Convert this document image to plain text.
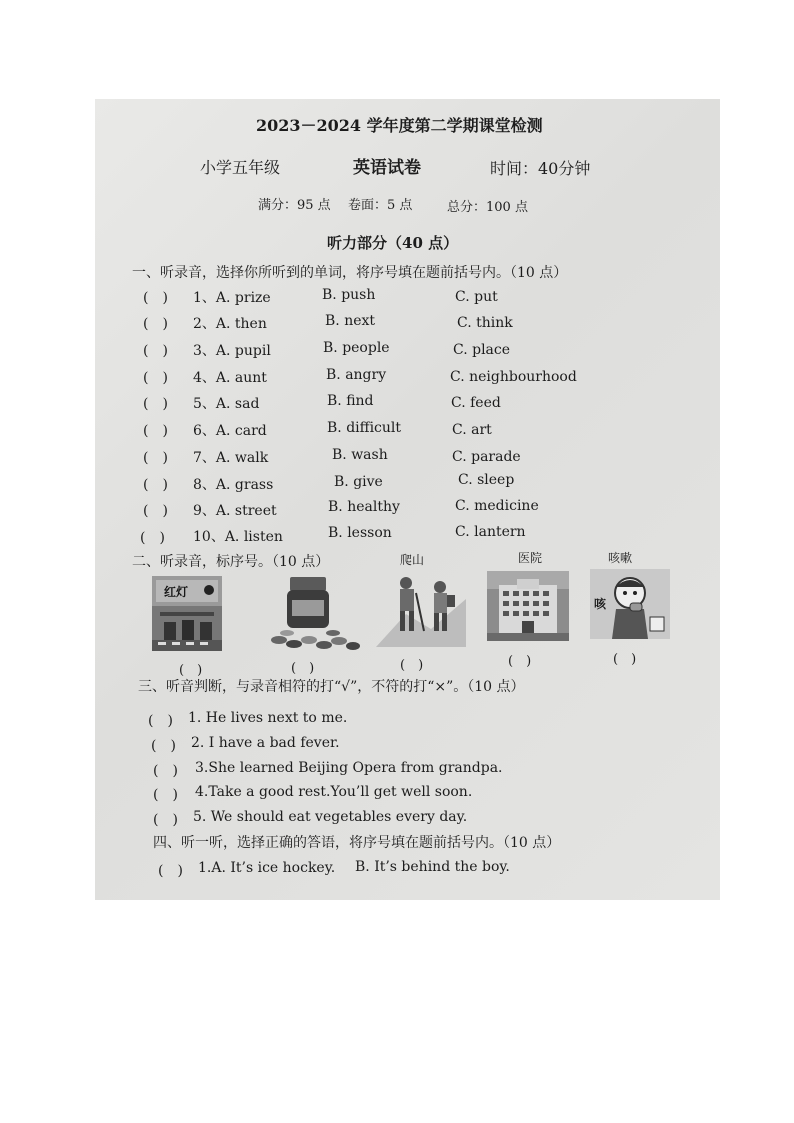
2023－2024 学年度第二学期课堂检测
小学五年级	英语试卷	时间：40分钟
满分：95 点 卷面：5 点	总分：100 点
听力部分（40 点）
一、听录音，选择你所听到的单词，将序号填在题前括号内。（10 点）
(　) 1、A. prize	B. push	C. put
(　) 2、A. then	B. next	C. think
(　) 3、A. pupil	B. people	C. place
(　) 4、A. aunt	B. angry	C. neighbourhood
(　) 5、A. sad	B. find	C. feed
(　) 6、A. card	B. difficult	C. art
(　) 7、A. walk	B. wash	C. parade
(　) 8、A. grass	B. give	C. sleep
(　) 9、A. street	B. healthy	C. medicine
(　) 10、A. listen	B. lesson	C. lantern
二、听录音，标序号。（10 点）	爬山	医院	咳嗽
红灯
咳
(　)	(　)	(　)	(　)	(　)
三、听音判断，与录音相符的打“√”，不符的打“×”。（10 点）
(　) 1. He lives next to me.
(　) 2. I have a bad fever.
(　) 3.She learned Beijing Opera from grandpa.
(　) 4.Take a good rest.You’ll get well soon.
(　) 5. We should eat vegetables every day.
四、听一听，选择正确的答语，将序号填在题前括号内。（10 点）
(　) 1.A. It’s ice hockey. B. It’s behind the boy.
